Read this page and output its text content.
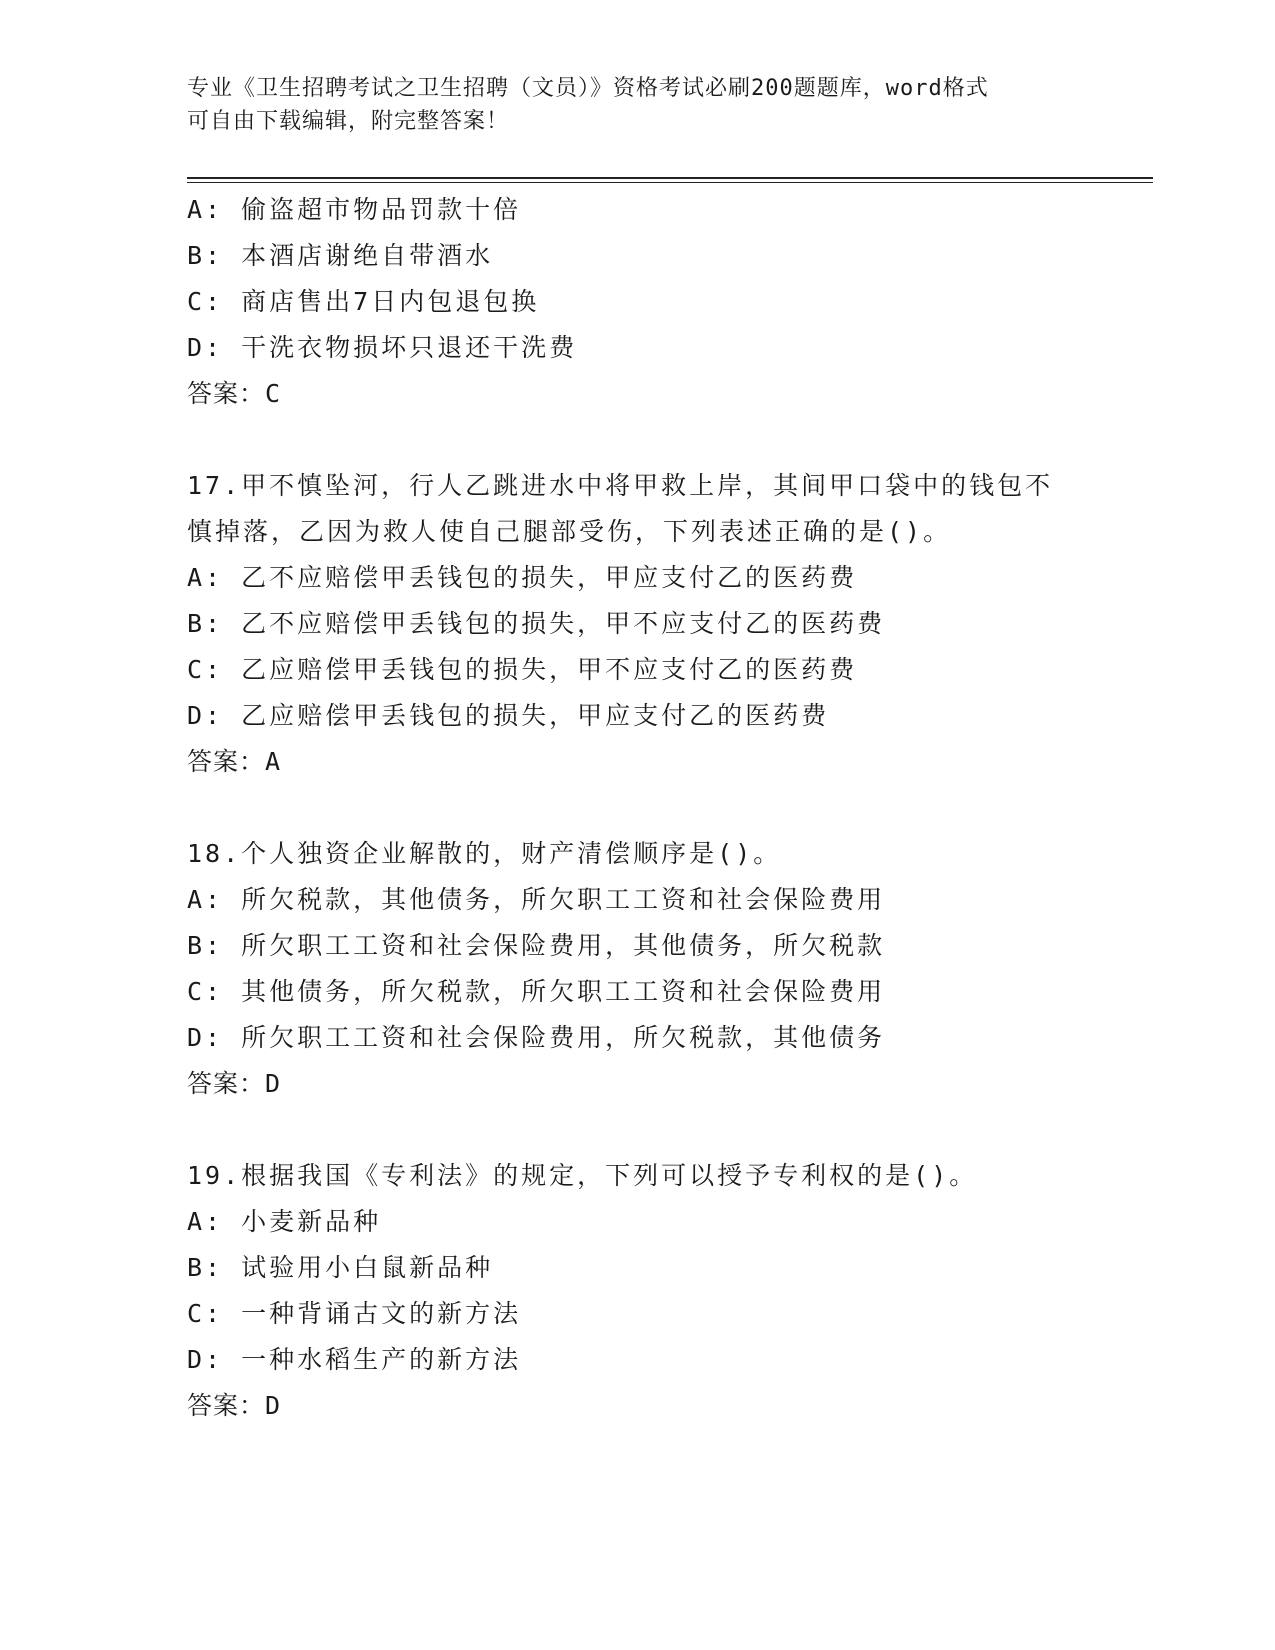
专业《卫生招聘考试之卫生招聘（文员）》资格考试必刷200题题库，word格式
可自由下载编辑，附完整答案！
A: 偷盗超市物品罚款十倍
B: 本酒店谢绝自带酒水
C: 商店售出7日内包退包换
D: 干洗衣物损坏只退还干洗费
答案：C
17.甲不慎坠河，行人乙跳进水中将甲救上岸，其间甲口袋中的钱包不
慎掉落，乙因为救人使自己腿部受伤，下列表述正确的是()。
A: 乙不应赔偿甲丢钱包的损失，甲应支付乙的医药费
B: 乙不应赔偿甲丢钱包的损失，甲不应支付乙的医药费
C: 乙应赔偿甲丢钱包的损失，甲不应支付乙的医药费
D: 乙应赔偿甲丢钱包的损失，甲应支付乙的医药费
答案：A
18.个人独资企业解散的，财产清偿顺序是()。
A: 所欠税款，其他债务，所欠职工工资和社会保险费用
B: 所欠职工工资和社会保险费用，其他债务，所欠税款
C: 其他债务，所欠税款，所欠职工工资和社会保险费用
D: 所欠职工工资和社会保险费用，所欠税款，其他债务
答案：D
19.根据我国《专利法》的规定，下列可以授予专利权的是()。
A: 小麦新品种
B: 试验用小白鼠新品种
C: 一种背诵古文的新方法
D: 一种水稻生产的新方法
答案：D
